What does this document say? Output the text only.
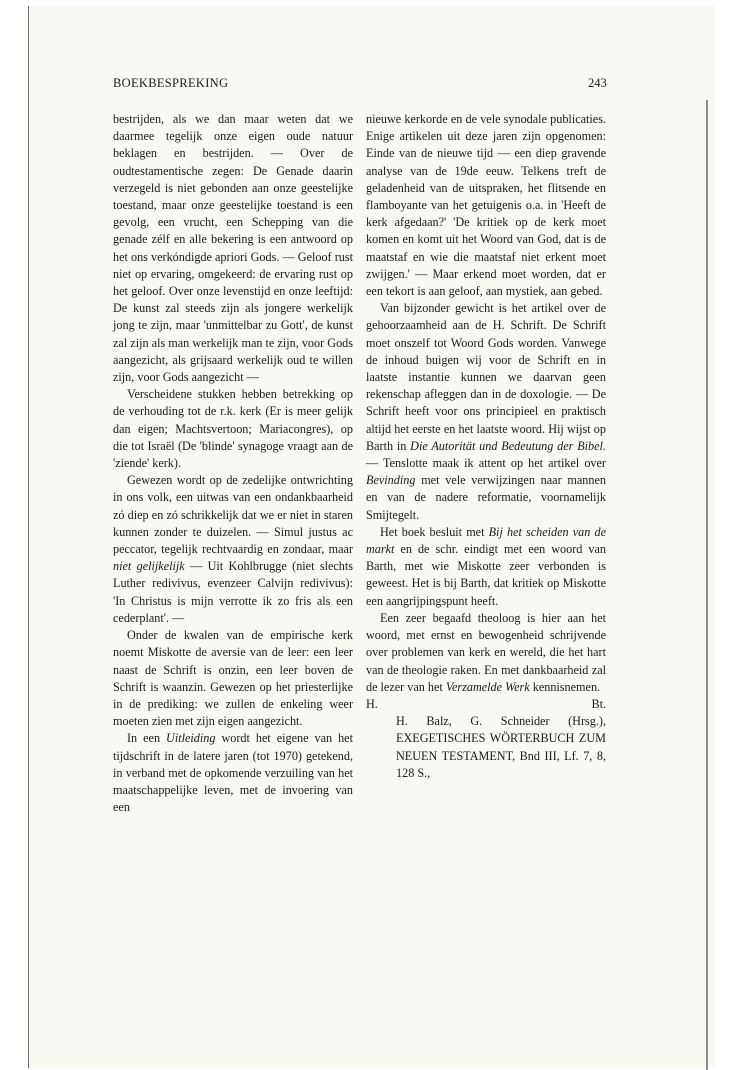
BOEKBESPREKING	243

bestrijden, als we dan maar weten dat we daarmee tegelijk onze eigen oude natuur beklagen en bestrijden. — Over de oudtestamentische zegen: De Genade daarin verzegeld is niet gebonden aan onze geestelijke toestand, maar onze geestelijke toestand is een gevolg, een vrucht, een Schepping van die genade zélf en alle bekering is een antwoord op het ons verkóndigde apriori Gods. — Geloof rust niet op ervaring, omgekeerd: de ervaring rust op het geloof. Over onze levenstijd en onze leeftijd: De kunst zal steeds zijn als jongere werkelijk jong te zijn, maar 'unmittelbar zu Gott', de kunst zal zijn als man werkelijk man te zijn, voor Gods aangezicht, als grijsaard werkelijk oud te willen zijn, voor Gods aangezicht —

Verscheidene stukken hebben betrekking op de verhouding tot de r.k. kerk (Er is meer gelijk dan eigen; Machtsvertoon; Mariacongres), op die tot Israël (De 'blinde' synagoge vraagt aan de 'ziende' kerk).

Gewezen wordt op de zedelijke ontwrichting in ons volk, een uitwas van een ondankbaarheid zó diep en zó schrikkelijk dat we er niet in staren kunnen zonder te duizelen. — Simul justus ac peccator, tegelijk rechtvaardig en zondaar, maar niet gelijkelijk — Uit Kohlbrugge (niet slechts Luther redivivus, evenzeer Calvijn redivivus): 'In Christus is mijn verrotte ik zo fris als een cederplant'. —

Onder de kwalen van de empirische kerk noemt Miskotte de aversie van de leer: een leer naast de Schrift is onzin, een leer boven de Schrift is waanzin. Gewezen op het priesterlijke in de prediking: we zullen de enkeling weer moeten zien met zijn eigen aangezicht.

In een Uitleiding wordt het eigene van het tijdschrift in de latere jaren (tot 1970) getekend, in verband met de opkomende verzuiling van het maatschappelijke leven, met de invoering van een

nieuwe kerkorde en de vele synodale publicaties. Enige artikelen uit deze jaren zijn opgenomen: Einde van de nieuwe tijd — een diep gravende analyse van de 19de eeuw. Telkens treft de geladenheid van de uitspraken, het flitsende en flamboyante van het getuigenis o.a. in 'Heeft de kerk afgedaan?' 'De kritiek op de kerk moet komen en komt uit het Woord van God, dat is de maatstaf en wie die maatstaf niet erkent moet zwijgen.' — Maar erkend moet worden, dat er een tekort is aan geloof, aan mystiek, aan gebed.

Van bijzonder gewicht is het artikel over de gehoorzaamheid aan de H. Schrift. De Schrift moet onszelf tot Woord Gods worden. Vanwege de inhoud buigen wij voor de Schrift en in laatste instantie kunnen we daarvan geen rekenschap afleggen dan in de doxologie. — De Schrift heeft voor ons principieel en praktisch altijd het eerste en het laatste woord. Hij wijst op Barth in Die Autorität und Bedeutung der Bibel. — Tenslotte maak ik attent op het artikel over Bevinding met vele verwijzingen naar mannen en van de nadere reformatie, voornamelijk Smijtegelt.

Het boek besluit met Bij het scheiden van de markt en de schr. eindigt met een woord van Barth, met wie Miskotte zeer verbonden is geweest. Het is bij Barth, dat kritiek op Miskotte een aangrijpingspunt heeft.

Een zeer begaafd theoloog is hier aan het woord, met ernst en bewogenheid schrijvende over problemen van kerk en wereld, die het hart van de theologie raken. En met dankbaarheid zal de lezer van het Verzamelde Werk kennisnemen.

H.	Bt.

H. Balz, G. Schneider (Hrsg.), EXEGETISCHES WÖRTERBUCH ZUM NEUEN TESTAMENT, Bnd III, Lf. 7, 8, 128 S.,
